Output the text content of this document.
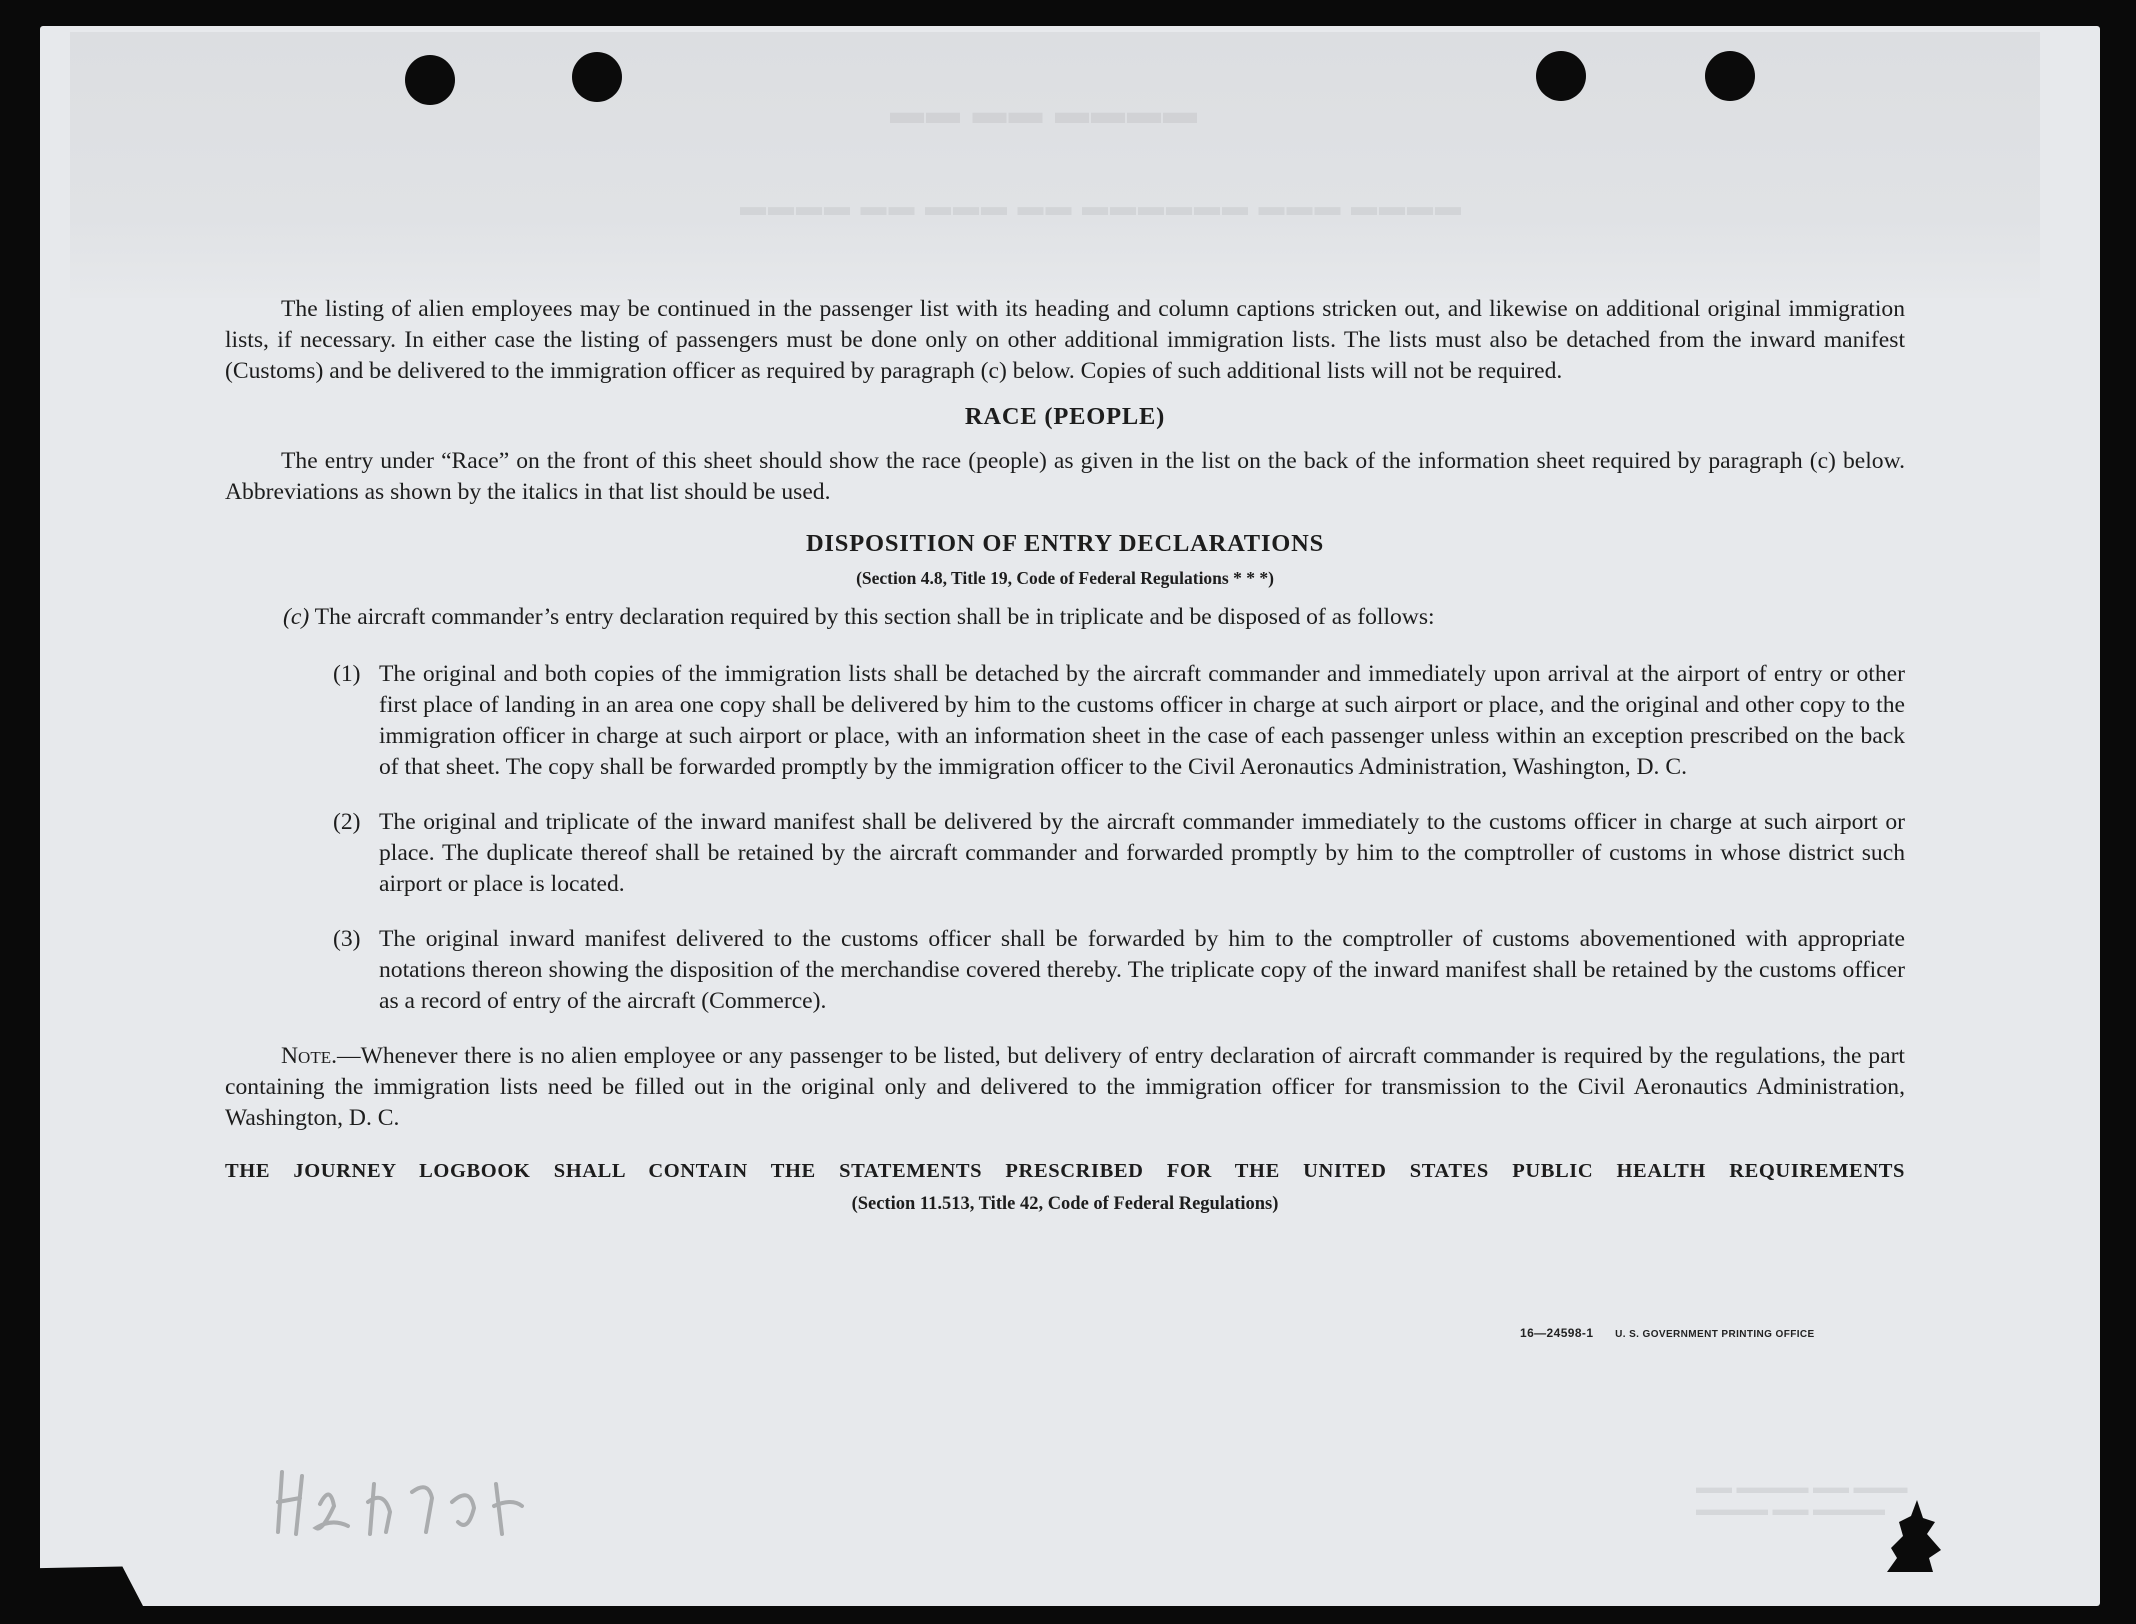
▬▬ ▬▬ ▬▬▬▬
▬▬▬▬ ▬▬ ▬▬▬ ▬▬ ▬▬▬▬▬▬ ▬▬▬ ▬▬▬▬

The listing of alien employees may be continued in the passenger list with its heading and column captions stricken out, and likewise on additional original immigration lists, if necessary. In either case the listing of passengers must be done only on other additional immigration lists. The lists must also be detached from the inward manifest (Customs) and be delivered to the immigration officer as required by paragraph (c) below. Copies of such additional lists will not be required.

RACE (PEOPLE)

The entry under “Race” on the front of this sheet should show the race (people) as given in the list on the back of the information sheet required by paragraph (c) below. Abbreviations as shown by the italics in that list should be used.

DISPOSITION OF ENTRY DECLARATIONS
(Section 4.8, Title 19, Code of Federal Regulations * * *)
(c) The aircraft commander’s entry declaration required by this section shall be in triplicate and be disposed of as follows:
(1) The original and both copies of the immigration lists shall be detached by the aircraft commander and immediately upon arrival at the airport of entry or other first place of landing in an area one copy shall be delivered by him to the customs officer in charge at such airport or place, and the original and other copy to the immigration officer in charge at such airport or place, with an information sheet in the case of each passenger unless within an exception prescribed on the back of that sheet. The copy shall be forwarded promptly by the immigration officer to the Civil Aeronautics Administration, Washington, D. C.
(2) The original and triplicate of the inward manifest shall be delivered by the aircraft commander immediately to the customs officer in charge at such airport or place. The duplicate thereof shall be retained by the aircraft commander and forwarded promptly by him to the comptroller of customs in whose district such airport or place is located.
(3) The original inward manifest delivered to the customs officer shall be forwarded by him to the comptroller of customs abovementioned with appropriate notations thereon showing the disposition of the merchandise covered thereby. The triplicate copy of the inward manifest shall be retained by the customs officer as a record of entry of the aircraft (Commerce).

Note.—Whenever there is no alien employee or any passenger to be listed, but delivery of entry declaration of aircraft commander is required by the regulations, the part containing the immigration lists need be filled out in the original only and delivered to the immigration officer for transmission to the Civil Aeronautics Administration, Washington, D. C.

THE JOURNEY LOGBOOK SHALL CONTAIN THE STATEMENTS PRESCRIBED FOR THE UNITED STATES PUBLIC HEALTH REQUIREMENTS
(Section 11.513, Title 42, Code of Federal Regulations)
16—24598-1 U. S. GOVERNMENT PRINTING OFFICE
▬▬ ▬▬▬▬ ▬▬ ▬▬▬
▬▬▬▬ ▬▬ ▬▬▬▬
